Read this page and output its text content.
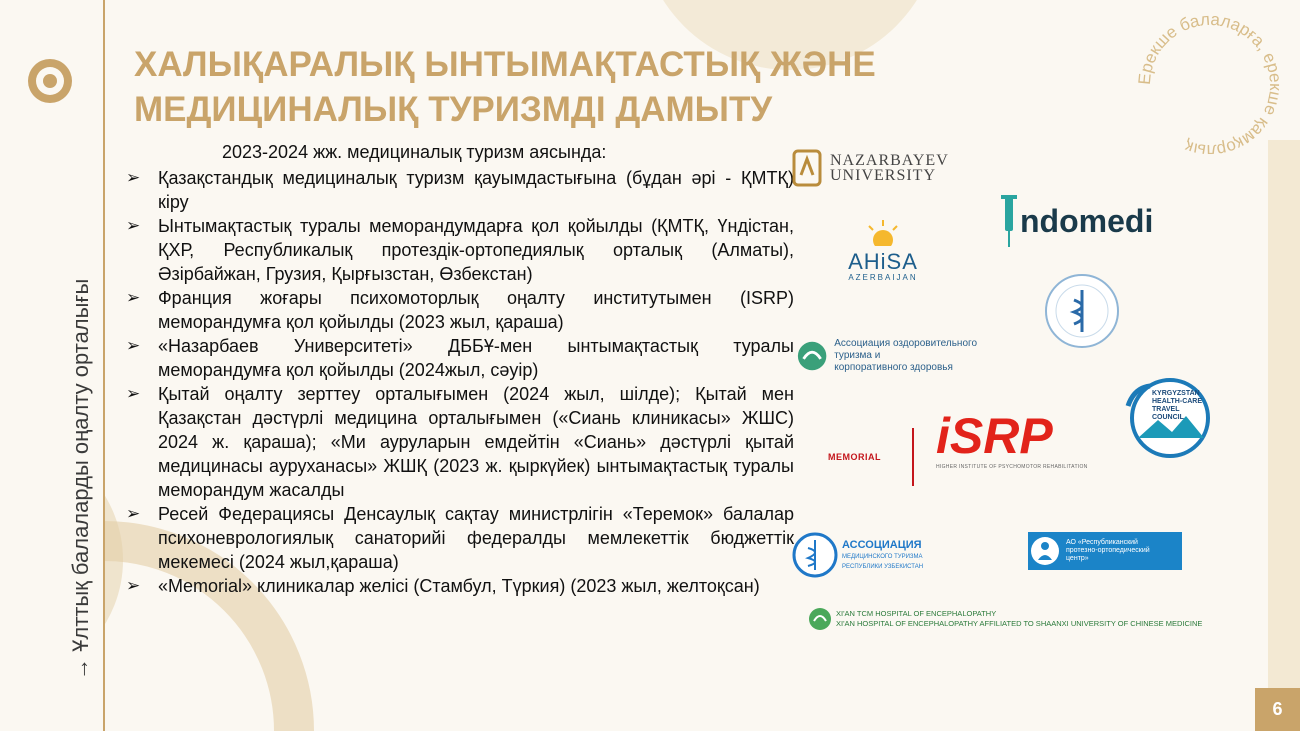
→ Ұлттық балаларды оңалту орталығы
Ерекше балаларға, ерекше қамқорлық
ХАЛЫҚАРАЛЫҚ ЫНТЫМАҚТАСТЫҚ ЖӘНЕ
МЕДИЦИНАЛЫҚ ТУРИЗМДІ ДАМЫТУ
2023-2024 жж. медициналық туризм аясында:
➢ Қазақстандық медициналық туризм қауымдастығына (бұдан әрі - ҚМТҚ) кіру
➢ Ынтымақтастық туралы меморандумдарға қол қойылды (ҚМТҚ, Үндістан, ҚХР, Республикалық протездік-ортопедиялық орталық (Алматы), Әзірбайжан, Грузия, Қырғызстан, Өзбекстан)
➢ Франция жоғары психомоторлық оңалту институтымен (ISRP) меморандумға қол қойылды (2023 жыл, қараша)
➢ «Назарбаев Университеті» ДББҰ-мен ынтымақтастық туралы меморандумға қол қойылды (2024жыл, сәуір)
➢ Қытай оңалту зерттеу орталығымен (2024 жыл, шілде); Қытай мен Қазақстан дәстүрлі медицина орталығымен («Сиань клиникасы» ЖШС) 2024 ж. қараша); «Ми ауруларын емдейтін «Сиань» дәстүрлі қытай медицинасы ауруханасы» ЖШҚ (2023 ж. қыркүйек) ынтымақтастық туралы меморандум жасалды
➢ Ресей Федерациясы Денсаулық сақтау министрлігін «Теремок» балалар психоневрологиялық санаторийі федералды мемлекеттік бюджеттік мекемесі (2024 жыл,қараша)
➢ «Memorial» клиникалар желісі (Стамбул, Түркия) (2023 жыл, желтоқсан)
NAZARBAYEV
UNIVERSITY
ndomedi
AHiSA
AZERBAIJAN
Ассоциация оздоровительного туризма и
корпоративного здоровья
KYRGYZSTAN
HEALTH-CARE
TRAVEL
COUNCIL
MEMORIAL iSRP
HIGHER INSTITUTE OF PSYCHOMOTOR REHABILITATION
АССОЦИАЦИЯ
МЕДИЦИНСКОГО ТУРИЗМА
РЕСПУБЛИКИ УЗБЕКИСТАН
АО «Республиканский
протезно-ортопедический
центр»
XI'AN TCM HOSPITAL OF ENCEPHALOPATHY
XI'AN HOSPITAL OF ENCEPHALOPATHY AFFILIATED TO SHAANXI UNIVERSITY OF CHINESE MEDICINE
6
